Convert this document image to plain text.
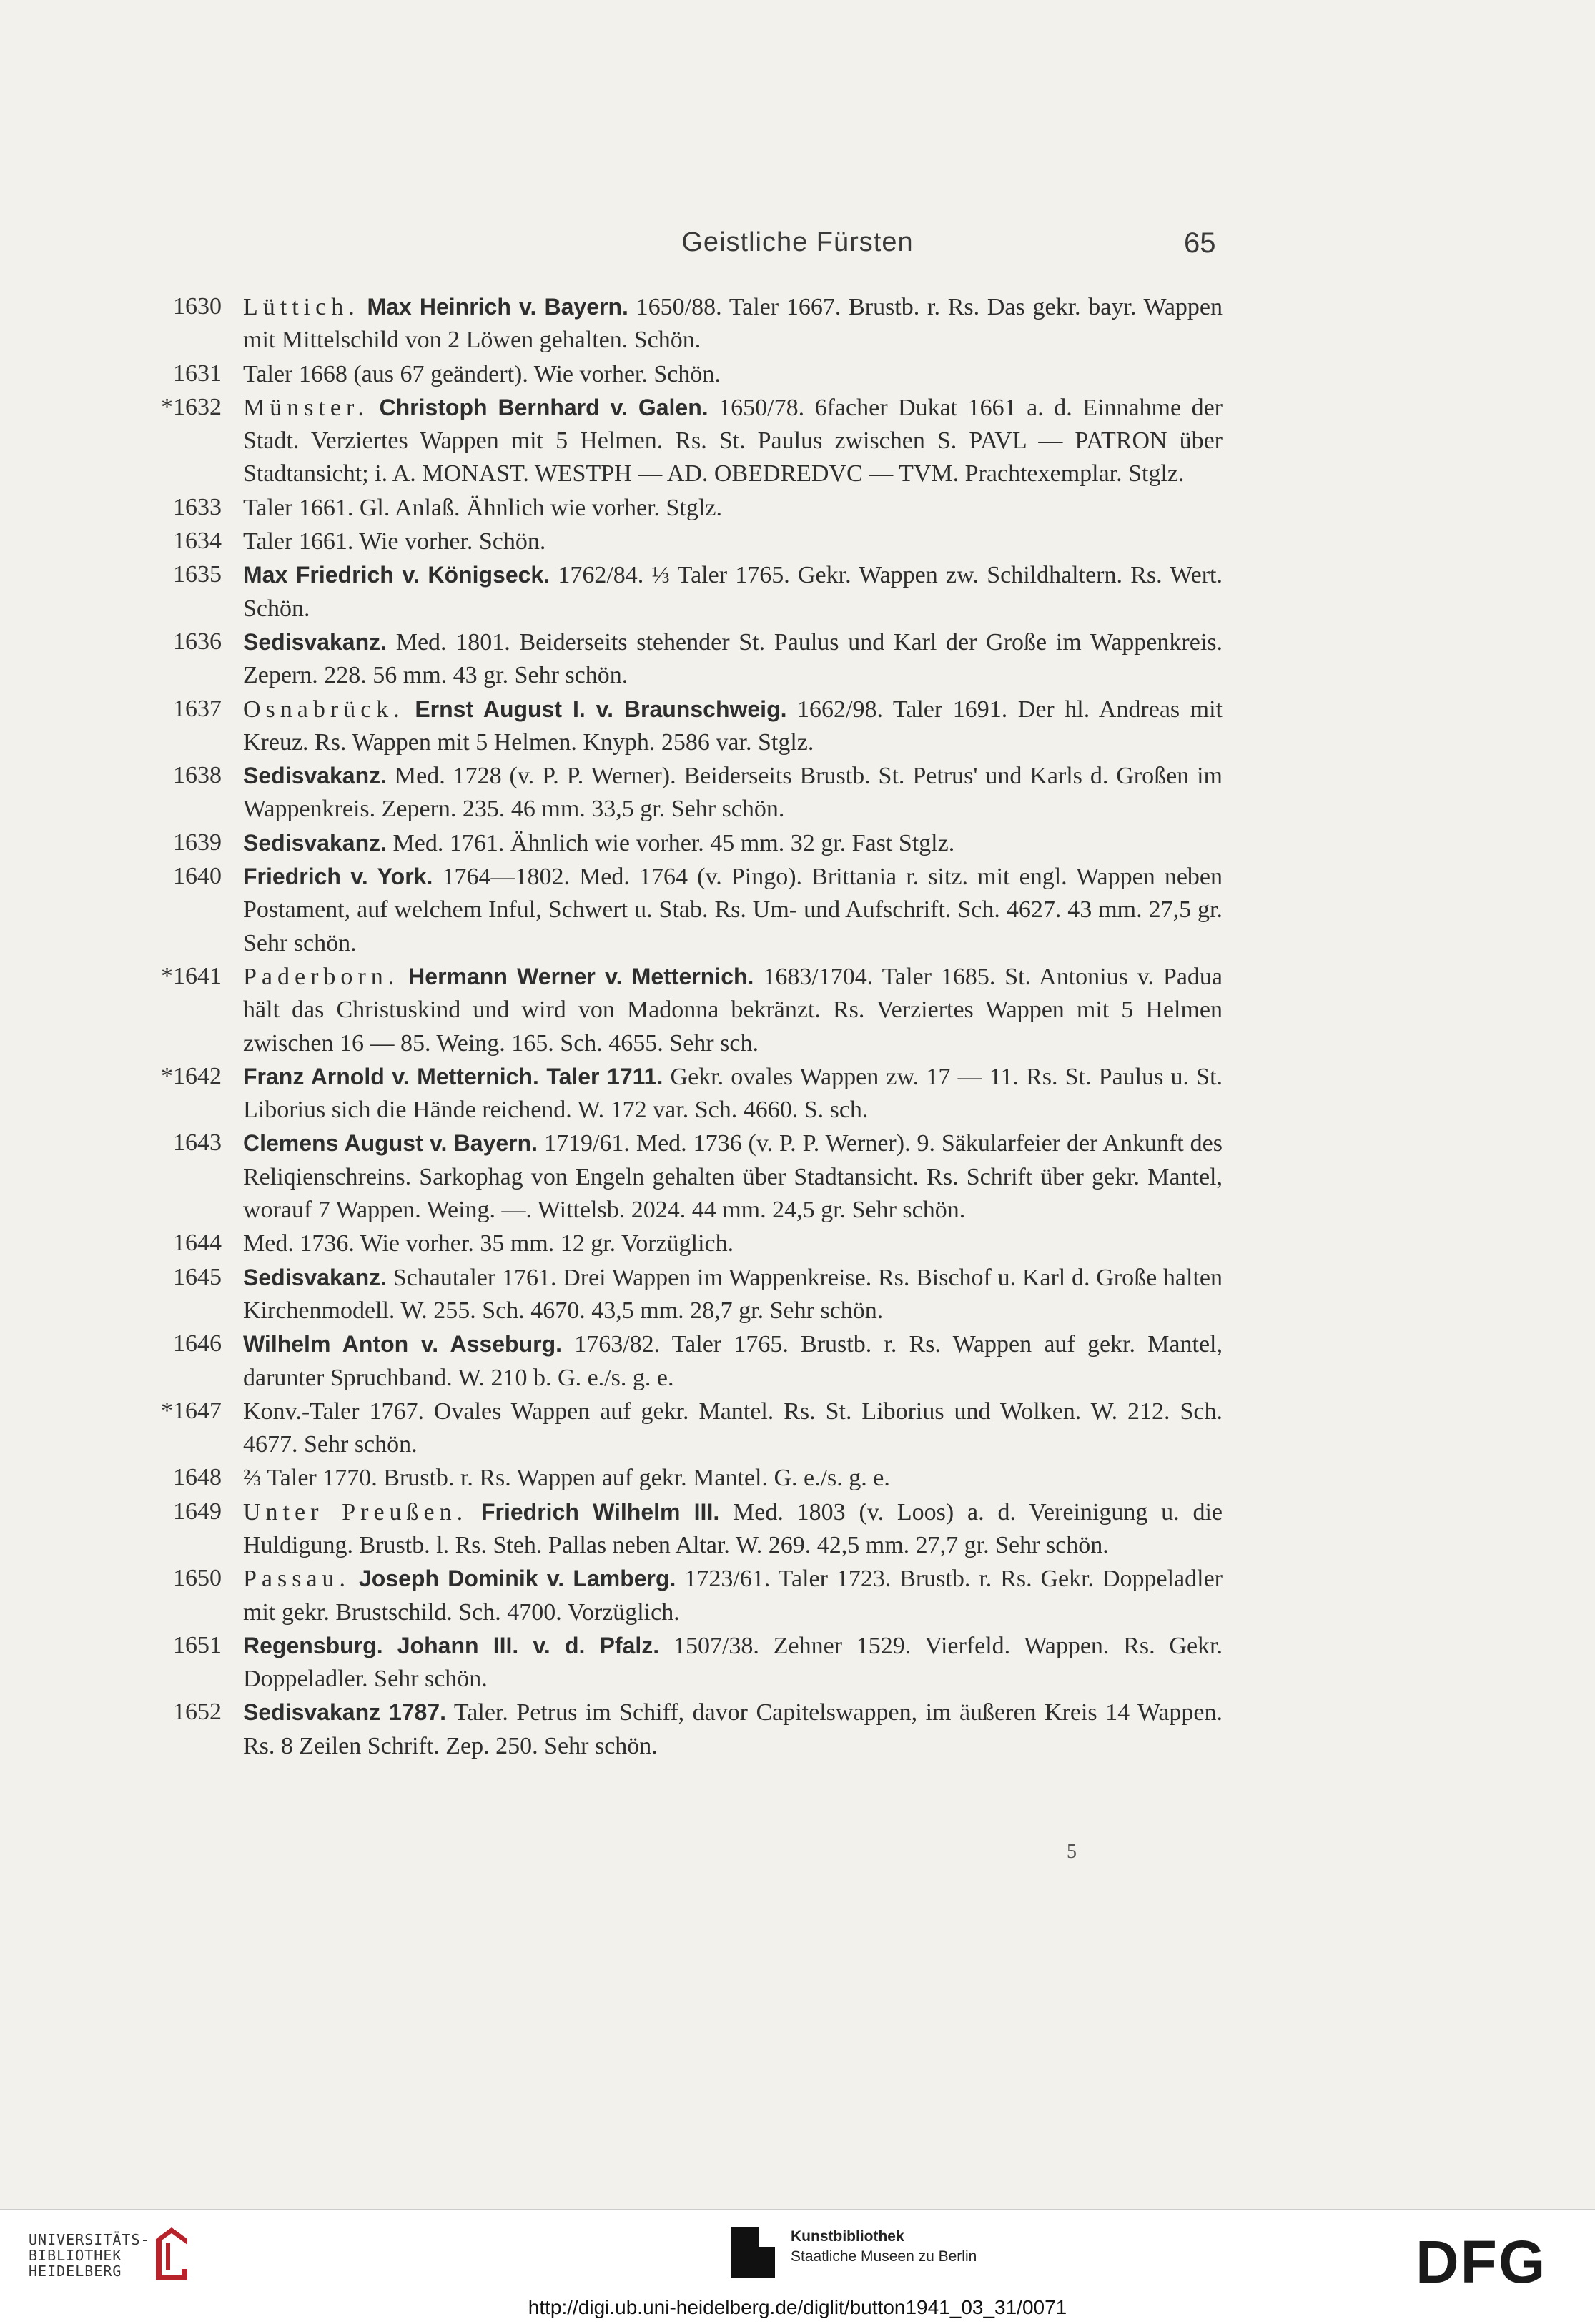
Geistliche Fürsten	65
1630 Lüttich. Max Heinrich v. Bayern. 1650/88. Taler 1667. Brustb. r. Rs. Das gekr. bayr. Wappen mit Mittelschild von 2 Löwen gehalten. Schön.
1631 Taler 1668 (aus 67 geändert). Wie vorher. Schön.
*1632 Münster. Christoph Bernhard v. Galen. 1650/78. 6facher Dukat 1661 a. d. Einnahme der Stadt. Verziertes Wappen mit 5 Helmen. Rs. St. Paulus zwischen S. PAVL — PATRON über Stadtansicht; i. A. MONAST. WESTPH — AD. OBEDREDVC — TVM. Prachtexemplar. Stglz.
1633 Taler 1661. Gl. Anlaß. Ähnlich wie vorher. Stglz.
1634 Taler 1661. Wie vorher. Schön.
1635 Max Friedrich v. Königseck. 1762/84. ⅓ Taler 1765. Gekr. Wappen zw. Schildhaltern. Rs. Wert. Schön.
1636 Sedisvakanz. Med. 1801. Beiderseits stehender St. Paulus und Karl der Große im Wappenkreis. Zepern. 228. 56 mm. 43 gr. Sehr schön.
1637 Osnabrück. Ernst August I. v. Braunschweig. 1662/98. Taler 1691. Der hl. Andreas mit Kreuz. Rs. Wappen mit 5 Helmen. Knyph. 2586 var. Stglz.
1638 Sedisvakanz. Med. 1728 (v. P. P. Werner). Beiderseits Brustb. St. Petrus' und Karls d. Großen im Wappenkreis. Zepern. 235. 46 mm. 33,5 gr. Sehr schön.
1639 Sedisvakanz. Med. 1761. Ähnlich wie vorher. 45 mm. 32 gr. Fast Stglz.
1640 Friedrich v. York. 1764—1802. Med. 1764 (v. Pingo). Brittania r. sitz. mit engl. Wappen neben Postament, auf welchem Inful, Schwert u. Stab. Rs. Um- und Aufschrift. Sch. 4627. 43 mm. 27,5 gr. Sehr schön.
*1641 Paderborn. Hermann Werner v. Metternich. 1683/1704. Taler 1685. St. Antonius v. Padua hält das Christuskind und wird von Madonna bekränzt. Rs. Verziertes Wappen mit 5 Helmen zwischen 16 — 85. Weing. 165. Sch. 4655. Sehr sch.
*1642 Franz Arnold v. Metternich. Taler 1711. Gekr. ovales Wappen zw. 17 — 11. Rs. St. Paulus u. St. Liborius sich die Hände reichend. W. 172 var. Sch. 4660. S. sch.
1643 Clemens August v. Bayern. 1719/61. Med. 1736 (v. P. P. Werner). 9. Säkularfeier der Ankunft des Reliqienschreins. Sarkophag von Engeln gehalten über Stadtansicht. Rs. Schrift über gekr. Mantel, worauf 7 Wappen. Weing. —. Wittelsb. 2024. 44 mm. 24,5 gr. Sehr schön.
1644 Med. 1736. Wie vorher. 35 mm. 12 gr. Vorzüglich.
1645 Sedisvakanz. Schautaler 1761. Drei Wappen im Wappenkreise. Rs. Bischof u. Karl d. Große halten Kirchenmodell. W. 255. Sch. 4670. 43,5 mm. 28,7 gr. Sehr schön.
1646 Wilhelm Anton v. Asseburg. 1763/82. Taler 1765. Brustb. r. Rs. Wappen auf gekr. Mantel, darunter Spruchband. W. 210 b. G. e./s. g. e.
*1647 Konv.-Taler 1767. Ovales Wappen auf gekr. Mantel. Rs. St. Liborius und Wolken. W. 212. Sch. 4677. Sehr schön.
1648 ⅔ Taler 1770. Brustb. r. Rs. Wappen auf gekr. Mantel. G. e./s. g. e.
1649 Unter Preußen. Friedrich Wilhelm III. Med. 1803 (v. Loos) a. d. Vereinigung u. die Huldigung. Brustb. l. Rs. Steh. Pallas neben Altar. W. 269. 42,5 mm. 27,7 gr. Sehr schön.
1650 Passau. Joseph Dominik v. Lamberg. 1723/61. Taler 1723. Brustb. r. Rs. Gekr. Doppeladler mit gekr. Brustschild. Sch. 4700. Vorzüglich.
1651 Regensburg. Johann III. v. d. Pfalz. 1507/38. Zehner 1529. Vierfeld. Wappen. Rs. Gekr. Doppeladler. Sehr schön.
1652 Sedisvakanz 1787. Taler. Petrus im Schiff, davor Capitelswappen, im äußeren Kreis 14 Wappen. Rs. 8 Zeilen Schrift. Zep. 250. Sehr schön.
5
UNIVERSITÄTS-
BIBLIOTHEK
HEIDELBERG
Kunstbibliothek
Staatliche Museen zu Berlin	DFG
http://digi.ub.uni-heidelberg.de/diglit/button1941_03_31/0071
